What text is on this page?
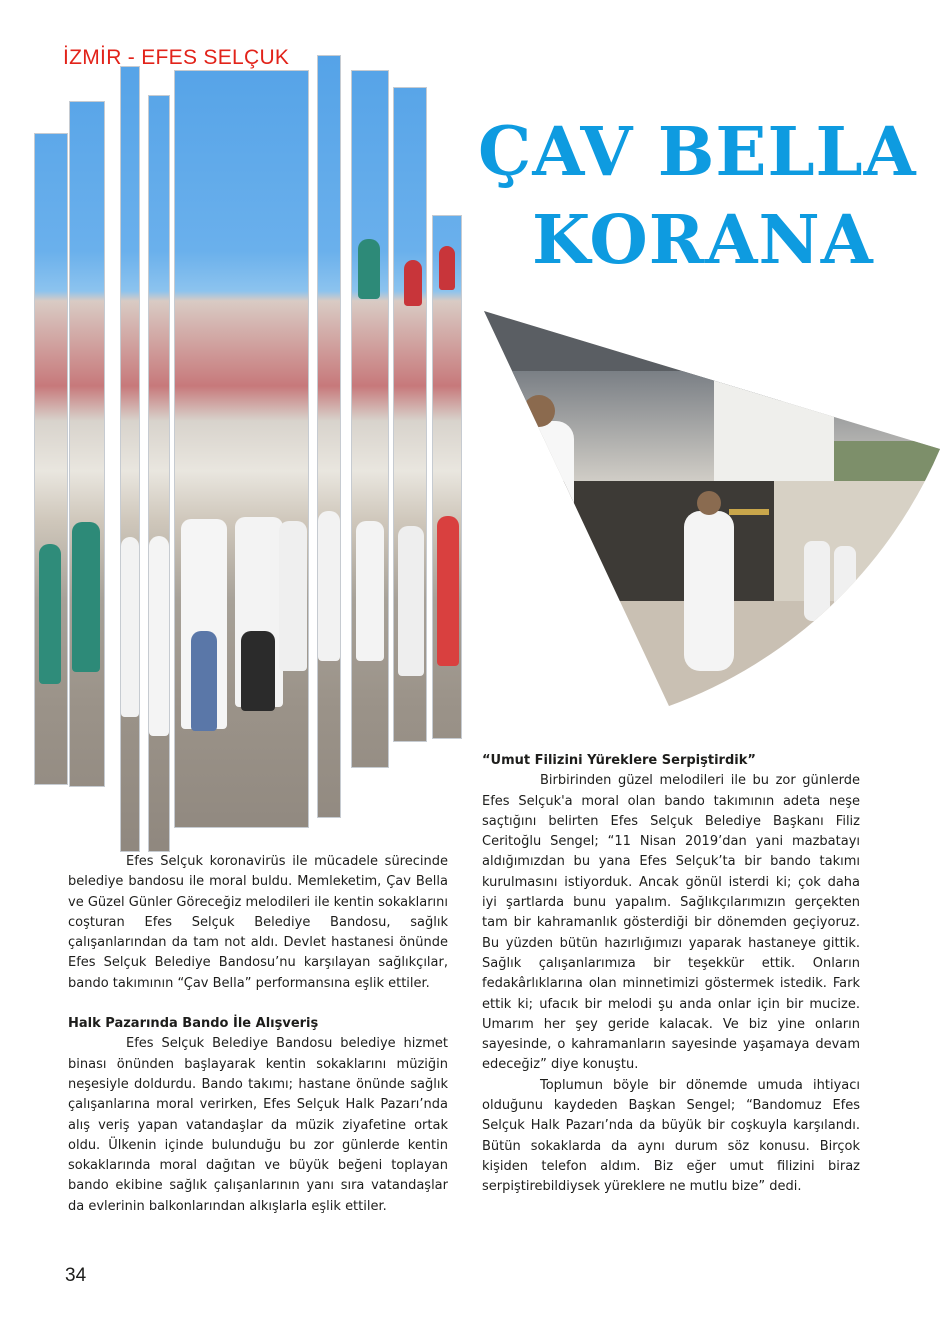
İZMİR - EFES SELÇUK
ÇAV BELLA
KORANA

Efes Selçuk koronavirüs ile mücadele sürecinde belediye bandosu ile moral buldu. Memleketim, Çav Bella ve Güzel Günler Göreceğiz melodileri ile kentin sokaklarını coşturan Efes Selçuk Belediye Bandosu, sağlık çalışanlarından da tam not aldı. Devlet hastanesi önünde Efes Selçuk Belediye Bandosu’nu karşılayan sağlıkçılar, bando takımının “Çav Bella” performansına eşlik ettiler.

Halk Pazarında Bando İle Alışveriş

Efes Selçuk Belediye Bandosu belediye hizmet binası önünden başlayarak kentin sokaklarını müziğin neşesiyle doldurdu. Bando takımı; hastane önünde sağlık çalışanlarına moral verirken, Efes Selçuk Halk Pazarı’nda alış veriş yapan vatandaşlar da müzik ziyafetine ortak oldu. Ülkenin içinde bulunduğu bu zor günlerde kentin sokaklarında moral dağıtan ve büyük beğeni toplayan bando ekibine sağlık çalışanlarının yanı sıra vatandaşlar da evlerinin balkonlarından alkışlarla eşlik ettiler.

“Umut Filizini Yüreklere Serpiştirdik”

Birbirinden güzel melodileri ile bu zor günlerde Efes Selçuk'a moral olan bando takımının adeta neşe saçtığını belirten Efes Selçuk Belediye Başkanı Filiz Ceritoğlu Sengel; “11 Nisan 2019’dan yani mazbatayı aldığımızdan bu yana Efes Selçuk’ta bir bando takımı kurulmasını istiyorduk. Ancak gönül isterdi ki; çok daha iyi şartlarda bunu yapalım. Sağlıkçılarımızın gerçekten tam bir kahramanlık gösterdiği bir dönemden geçiyoruz. Bu yüzden bütün hazırlığımızı yaparak hastaneye gittik. Sağlık çalışanlarımıza bir teşekkür ettik. Onların fedakârlıklarına olan minnetimizi göstermek istedik. Fark ettik ki; ufacık bir melodi şu anda onlar için bir mucize. Umarım her şey geride kalacak. Ve biz yine onların sayesinde, o kahramanların sayesinde yaşamaya devam edeceğiz” diye konuştu.

Toplumun böyle bir dönemde umuda ihtiyacı olduğunu kaydeden Başkan Sengel; “Bandomuz Efes Selçuk Halk Pazarı’nda da büyük bir coşkuyla karşılandı. Bütün sokaklarda da aynı durum söz konusu. Birçok kişiden telefon aldım. Biz eğer umut filizini biraz serpiştirebildiysek yüreklere ne mutlu bize” dedi.

34
